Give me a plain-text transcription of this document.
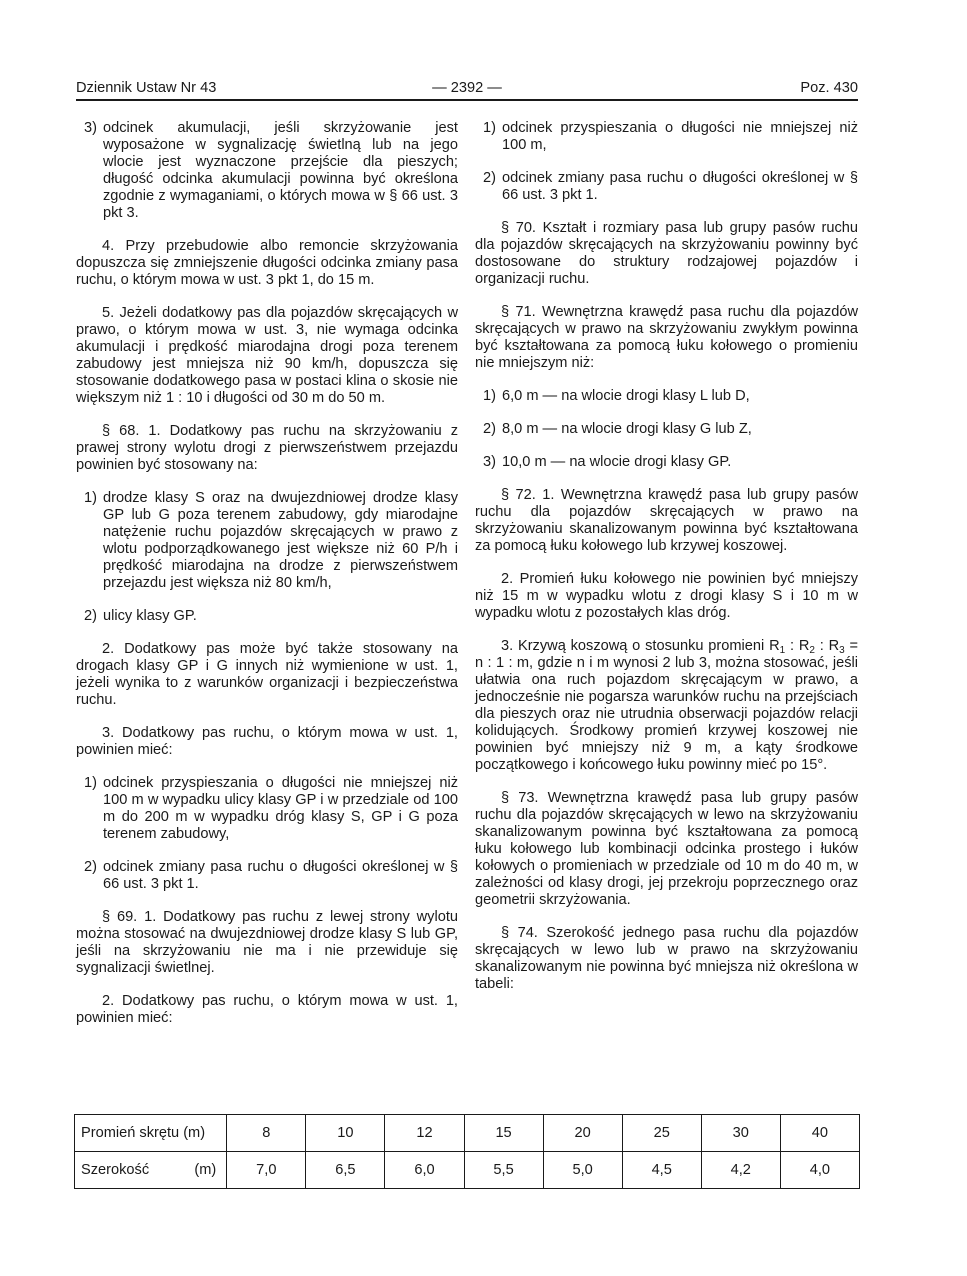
Dziennik Ustaw Nr 43	— 2392 —	Poz. 430
3) odcinek akumulacji, jeśli skrzyżowanie jest wyposażone w sygnalizację świetlną lub na jego wlocie jest wyznaczone przejście dla pieszych; długość odcinka akumulacji powinna być określona zgodnie z wymaganiami, o których mowa w § 66 ust. 3 pkt 3.

4. Przy przebudowie albo remoncie skrzyżowania dopuszcza się zmniejszenie długości odcinka zmiany pasa ruchu, o którym mowa w ust. 3 pkt 1, do 15 m.

5. Jeżeli dodatkowy pas dla pojazdów skręcających w prawo, o którym mowa w ust. 3, nie wymaga odcinka akumulacji i prędkość miarodajna drogi poza terenem zabudowy jest mniejsza niż 90 km/h, dopuszcza się stosowanie dodatkowego pasa w postaci klina o skosie nie większym niż 1 : 10 i długości od 30 m do 50 m.

§ 68. 1. Dodatkowy pas ruchu na skrzyżowaniu z prawej strony wylotu drogi z pierwszeństwem przejazdu powinien być stosowany na:

1) drodze klasy S oraz na dwujezdniowej drodze klasy GP lub G poza terenem zabudowy, gdy miarodajne natężenie ruchu pojazdów skręcających w prawo z wlotu podporządkowanego jest większe niż 60 P/h i prędkość miarodajna na drodze z pierwszeństwem przejazdu jest większa niż 80 km/h,
2) ulicy klasy GP.

2. Dodatkowy pas może być także stosowany na drogach klasy GP i G innych niż wymienione w ust. 1, jeżeli wynika to z warunków organizacji i bezpieczeństwa ruchu.

3. Dodatkowy pas ruchu, o którym mowa w ust. 1, powinien mieć:

1) odcinek przyspieszania o długości nie mniejszej niż 100 m w wypadku ulicy klasy GP i w przedziale od 100 m do 200 m w wypadku dróg klasy S, GP i G poza terenem zabudowy,
2) odcinek zmiany pasa ruchu o długości określonej w § 66 ust. 3 pkt 1.

§ 69. 1. Dodatkowy pas ruchu z lewej strony wylotu można stosować na dwujezdniowej drodze klasy S lub GP, jeśli na skrzyżowaniu nie ma i nie przewiduje się sygnalizacji świetlnej.

2. Dodatkowy pas ruchu, o którym mowa w ust. 1, powinien mieć:

1) odcinek przyspieszania o długości nie mniejszej niż 100 m,
2) odcinek zmiany pasa ruchu o długości określonej w § 66 ust. 3 pkt 1.

§ 70. Kształt i rozmiary pasa lub grupy pasów ruchu dla pojazdów skręcających na skrzyżowaniu powinny być dostosowane do struktury rodzajowej pojazdów i organizacji ruchu.

§ 71. Wewnętrzna krawędź pasa ruchu dla pojazdów skręcających w prawo na skrzyżowaniu zwykłym powinna być kształtowana za pomocą łuku kołowego o promieniu nie mniejszym niż:

1) 6,0 m — na wlocie drogi klasy L lub D,
2) 8,0 m — na wlocie drogi klasy G lub Z,
3) 10,0 m — na wlocie drogi klasy GP.

§ 72. 1. Wewnętrzna krawędź pasa lub grupy pasów ruchu dla pojazdów skręcających w prawo na skrzyżowaniu skanalizowanym powinna być kształtowana za pomocą łuku kołowego lub krzywej koszowej.

2. Promień łuku kołowego nie powinien być mniejszy niż 15 m w wypadku wlotu z drogi klasy S i 10 m w wypadku wlotu z pozostałych klas dróg.

3. Krzywą koszową o stosunku promieni $R_1$ : $R_2$ : $R_3 = n$ : 1 : m, gdzie n i m wynosi 2 lub 3, można stosować, jeśli ułatwia ona ruch pojazdom skręcającym w prawo, a jednocześnie nie pogarsza warunków ruchu na przejściach dla pieszych oraz nie utrudnia obserwacji pojazdów relacji kolidujących. Środkowy promień krzywej koszowej nie powinien być mniejszy niż 9 m, a kąty środkowe początkowego i końcowego łuku powinny mieć po 15°.

§ 73. Wewnętrzna krawędź pasa lub grupy pasów ruchu dla pojazdów skręcających w lewo na skrzyżowaniu skanalizowanym powinna być kształtowana za pomocą łuku kołowego lub kombinacji odcinka prostego i łuków kołowych o promieniach w przedziale od 10 m do 40 m, w zależności od klasy drogi, jej przekroju poprzecznego oraz geometrii skrzyżowania.

§ 74. Szerokość jednego pasa ruchu dla pojazdów skręcających w lewo lub w prawo na skrzyżowaniu skanalizowanym nie powinna być mniejsza niż określona w tabeli:

Promień skrętu (m)	8	10	12	15	20	25	30	40

Szerokość (m)	7,0	6,5	6,0	5,5	5,0	4,5	4,2	4,0
